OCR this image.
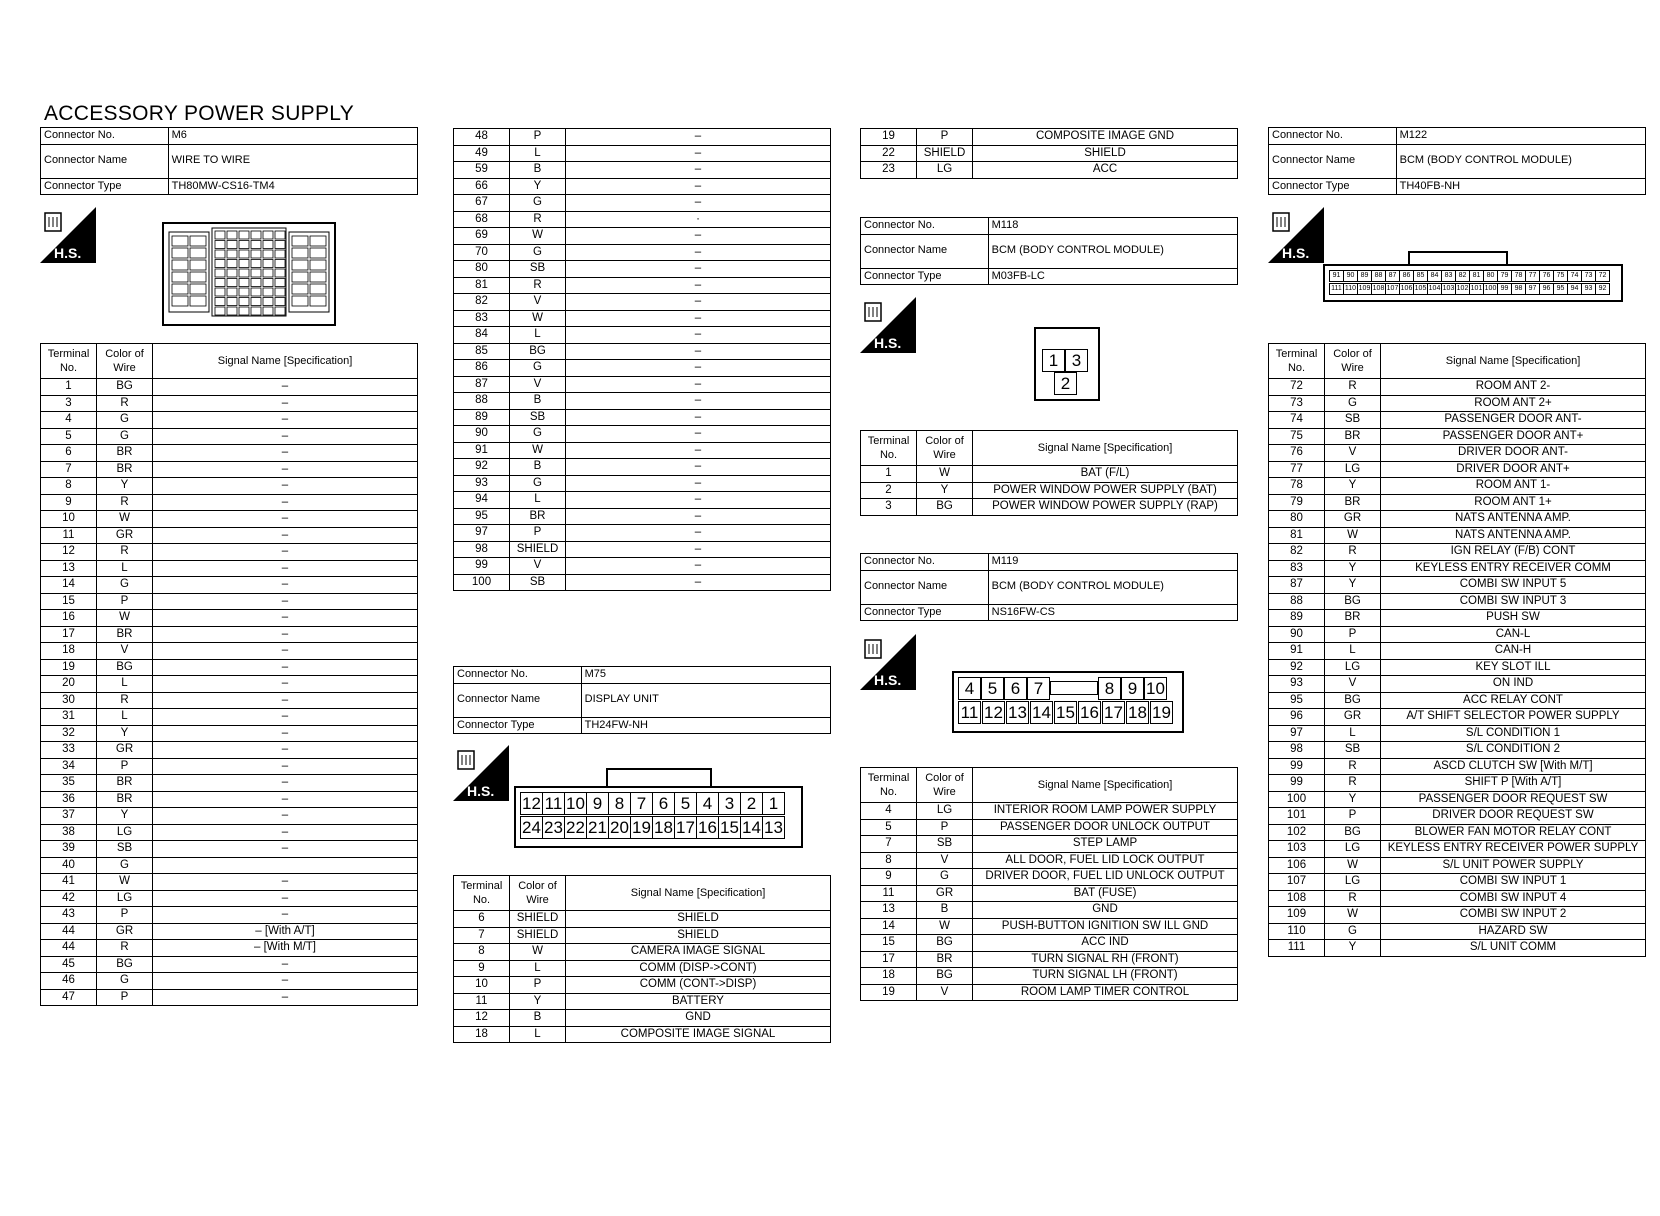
ACCESSORY POWER SUPPLY
Connector No.	M6
Connector Name	WIRE TO WIRE
Connector Type	TH80MW-CS16-TM4
H.S.
Terminal No.	Color of Wire	Signal Name [Specification]
1	BG	–
3	R	–
4	G	–
5	G	–
6	BR	–
7	BR	–
8	Y	–
9	R	–
10	W	–
11	GR	–
12	R	–
13	L	–
14	G	–
15	P	–
16	W	–
17	BR	–
18	V	–
19	BG	–
20	L	–
30	R	–
31	L	–
32	Y	–
33	GR	–
34	P	–
35	BR	–
36	BR	–
37	Y	–
38	LG	–
39	SB	–
40	G	
41	W	–
42	LG	–
43	P	–
44	GR	– [With A/T]
44	R	– [With M/T]
45	BG	–
46	G	–
47	P	–
48	P	–
49	L	–
59	B	–
66	Y	–
67	G	–
68	R	·
69	W	–
70	G	–
80	SB	–
81	R	–
82	V	–
83	W	–
84	L	–
85	BG	–
86	G	–
87	V	–
88	B	–
89	SB	–
90	G	–
91	W	–
92	B	–
93	G	–
94	L	–
95	BR	–
97	P	–
98	SHIELD	–
99	V	–
100	SB	–
Connector No.	M75
Connector Name	DISPLAY UNIT
Connector Type	TH24FW-NH
H.S.
12 11 10 9 8 7 6 5 4 3 2 1
24 23 22 21 20 19 18 17 16 15 14 13
Terminal No.	Color of Wire	Signal Name [Specification]
6	SHIELD	SHIELD
7	SHIELD	SHIELD
8	W	CAMERA IMAGE SIGNAL
9	L	COMM (DISP->CONT)
10	P	COMM (CONT->DISP)
11	Y	BATTERY
12	B	GND
18	L	COMPOSITE IMAGE SIGNAL
19	P	COMPOSITE IMAGE GND
22	SHIELD	SHIELD
23	LG	ACC
Connector No.	M118
Connector Name	BCM (BODY CONTROL MODULE)
Connector Type	M03FB-LC
H.S.
1 3
2
Terminal No.	Color of Wire	Signal Name [Specification]
1	W	BAT (F/L)
2	Y	POWER WINDOW POWER SUPPLY (BAT)
3	BG	POWER WINDOW POWER SUPPLY (RAP)
Connector No.	M119
Connector Name	BCM (BODY CONTROL MODULE)
Connector Type	NS16FW-CS
H.S.	4 5 6 7	8 9 10
11 12 13 14 15 16 17 18 19
Terminal No.	Color of Wire	Signal Name [Specification]
4	LG	INTERIOR ROOM LAMP POWER SUPPLY
5	P	PASSENGER DOOR UNLOCK OUTPUT
7	SB	STEP LAMP
8	V	ALL DOOR, FUEL LID LOCK OUTPUT
9	G	DRIVER DOOR, FUEL LID UNLOCK OUTPUT
11	GR	BAT (FUSE)
13	B	GND
14	W	PUSH-BUTTON IGNITION SW ILL GND
15	BG	ACC IND
17	BR	TURN SIGNAL RH (FRONT)
18	BG	TURN SIGNAL LH (FRONT)
19	V	ROOM LAMP TIMER CONTROL
Connector No.	M122
Connector Name	BCM (BODY CONTROL MODULE)
Connector Type	TH40FB-NH
H.S.
91 90 89 88 87 86 85 84 83 82 81 80 79 78 77 76 75 74 73 72
111 110 109 108 107 106 105 104 103 102 101 100 99 98 97 96 95 94 93 92
Terminal No.	Color of Wire	Signal Name [Specification]
72	R	ROOM ANT 2-
73	G	ROOM ANT 2+
74	SB	PASSENGER DOOR ANT-
75	BR	PASSENGER DOOR ANT+
76	V	DRIVER DOOR ANT-
77	LG	DRIVER DOOR ANT+
78	Y	ROOM ANT 1-
79	BR	ROOM ANT 1+
80	GR	NATS ANTENNA AMP.
81	W	NATS ANTENNA AMP.
82	R	IGN RELAY (F/B) CONT
83	Y	KEYLESS ENTRY RECEIVER COMM
87	Y	COMBI SW INPUT 5
88	BG	COMBI SW INPUT 3
89	BR	PUSH SW
90	P	CAN-L
91	L	CAN-H
92	LG	KEY SLOT ILL
93	V	ON IND
95	BG	ACC RELAY CONT
96	GR	A/T SHIFT SELECTOR POWER SUPPLY
97	L	S/L CONDITION 1
98	SB	S/L CONDITION 2
99	R	ASCD CLUTCH SW [With M/T]
99	R	SHIFT P [With A/T]
100	Y	PASSENGER DOOR REQUEST SW
101	P	DRIVER DOOR REQUEST SW
102	BG	BLOWER FAN MOTOR RELAY CONT
103	LG	KEYLESS ENTRY RECEIVER POWER SUPPLY
106	W	S/L UNIT POWER SUPPLY
107	LG	COMBI SW INPUT 1
108	R	COMBI SW INPUT 4
109	W	COMBI SW INPUT 2
110	G	HAZARD SW
111	Y	S/L UNIT COMM
